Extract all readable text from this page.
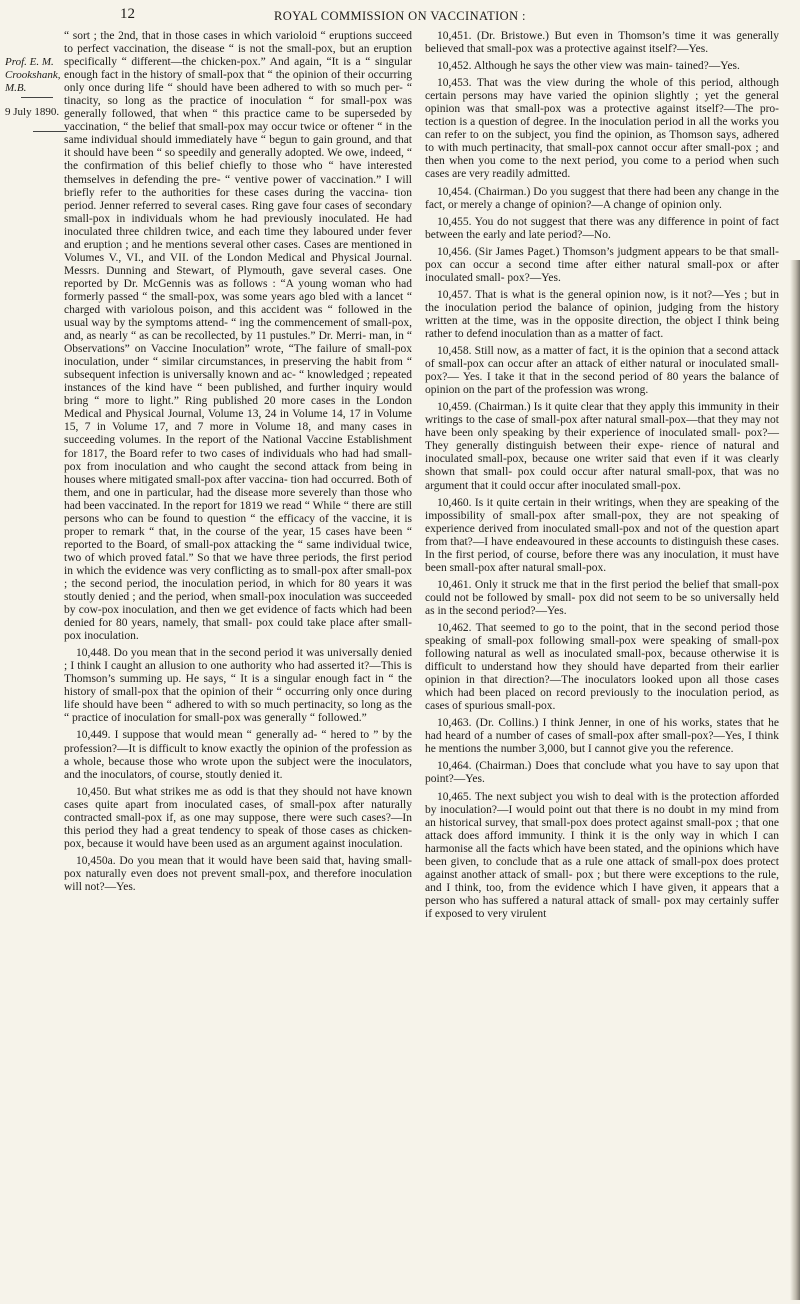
12	ROYAL COMMISSION ON VACCINATION :
Prof. E. M. Crookshank, M.B.
9 July 1890.

“ sort ; the 2nd, that in those cases in which varioloid “ eruptions succeed to perfect vaccination, the disease “ is not the small-pox, but an eruption specifically “ different—the chicken-pox.” And again, “It is a “ singular enough fact in the history of small-pox that “ the opinion of their occurring only once during life “ should have been adhered to with so much per- “ tinacity, so long as the practice of inoculation “ for small-pox was generally followed, that when “ this practice came to be superseded by vaccination, “ the belief that small-pox may occur twice or oftener “ in the same individual should immediately have “ begun to gain ground, and that it should have been “ so speedily and generally adopted. We owe, indeed, “ the confirmation of this belief chiefly to those who “ have interested themselves in defending the pre- “ ventive power of vaccination.” I will briefly refer to the authorities for these cases during the vaccina- tion period. Jenner referred to several cases. Ring gave four cases of secondary small-pox in individuals whom he had previously inoculated. He had inoculated three children twice, and each time they laboured under fever and eruption ; and he mentions several other cases. Cases are mentioned in Volumes V., VI., and VII. of the London Medical and Physical Journal. Messrs. Dunning and Stewart, of Plymouth, gave several cases. One reported by Dr. McGennis was as follows : “A young woman who had formerly passed “ the small-pox, was some years ago bled with a lancet “ charged with variolous poison, and this accident was “ followed in the usual way by the symptoms attend- “ ing the commencement of small-pox, and, as nearly “ as can be recollected, by 11 pustules.” Dr. Merri- man, in “ Observations” on Vaccine Inoculation” wrote, “The failure of small-pox inoculation, under “ similar circumstances, in preserving the habit from “ subsequent infection is universally known and ac- “ knowledged ; repeated instances of the kind have “ been published, and further inquiry would bring “ more to light.” Ring published 20 more cases in the London Medical and Physical Journal, Volume 13, 24 in Volume 14, 17 in Volume 15, 7 in Volume 17, and 7 more in Volume 18, and many cases in succeeding volumes. In the report of the National Vaccine Establishment for 1817, the Board refer to two cases of individuals who had had small-pox from inoculation and who caught the second attack from being in houses where mitigated small-pox after vaccina- tion had occurred. Both of them, and one in particular, had the disease more severely than those who had been vaccinated. In the report for 1819 we read “ While “ there are still persons who can be found to question “ the efficacy of the vaccine, it is proper to remark “ that, in the course of the year, 15 cases have been “ reported to the Board, of small-pox attacking the “ same individual twice, two of which proved fatal.” So that we have three periods, the first period in which the evidence was very conflicting as to small-pox after small-pox ; the second period, the inoculation period, in which for 80 years it was stoutly denied ; and the period, when small-pox inoculation was succeeded by cow-pox inoculation, and then we get evidence of facts which had been denied for 80 years, namely, that small- pox could take place after small-pox inoculation.

10,448. Do you mean that in the second period it was universally denied ; I think I caught an allusion to one authority who had asserted it?—This is Thomson’s summing up. He says, “ It is a singular enough fact in “ the history of small-pox that the opinion of their “ occurring only once during life should have been “ adhered to with so much pertinacity, so long as the “ practice of inoculation for small-pox was generally “ followed.”

10,449. I suppose that would mean “ generally ad- “ hered to ” by the profession?—It is difficult to know exactly the opinion of the profession as a whole, because those who wrote upon the subject were the inoculators, and the inoculators, of course, stoutly denied it.

10,450. But what strikes me as odd is that they should not have known cases quite apart from inoculated cases, of small-pox after naturally contracted small-pox if, as one may suppose, there were such cases?—In this period they had a great tendency to speak of those cases as chicken-pox, because it would have been used as an argument against inoculation.

10,450a. Do you mean that it would have been said that, having small-pox naturally even does not prevent small-pox, and therefore inoculation will not?—Yes.

10,451. (Dr. Bristowe.) But even in Thomson’s time it was generally believed that small-pox was a protective against itself?—Yes.

10,452. Although he says the other view was main- tained?—Yes.

10,453. That was the view during the whole of this period, although certain persons may have varied the opinion slightly ; yet the general opinion was that small-pox was a protective against itself?—The pro- tection is a question of degree. In the inoculation period in all the works you can refer to on the subject, you find the opinion, as Thomson says, adhered to with much pertinacity, that small-pox cannot occur after small-pox ; and then when you come to the next period, you come to a period when such cases are very readily admitted.

10,454. (Chairman.) Do you suggest that there had been any change in the fact, or merely a change of opinion?—A change of opinion only.

10,455. You do not suggest that there was any difference in point of fact between the early and late period?—No.

10,456. (Sir James Paget.) Thomson’s judgment appears to be that small-pox can occur a second time after either natural small-pox or after inoculated small- pox?—Yes.

10,457. That is what is the general opinion now, is it not?—Yes ; but in the inoculation period the balance of opinion, judging from the history written at the time, was in the opposite direction, the object I think being rather to defend inoculation than as a matter of fact.

10,458. Still now, as a matter of fact, it is the opinion that a second attack of small-pox can occur after an attack of either natural or inoculated small-pox?— Yes. I take it that in the second period of 80 years the balance of opinion on the part of the profession was wrong.

10,459. (Chairman.) Is it quite clear that they apply this immunity in their writings to the case of small-pox after natural small-pox—that they may not have been only speaking by their experience of inoculated small- pox?—They generally distinguish between their expe- rience of natural and inoculated small-pox, because one writer said that even if it was clearly shown that small- pox could occur after natural small-pox, that was no argument that it could occur after inoculated small-pox.

10,460. Is it quite certain in their writings, when they are speaking of the impossibility of small-pox after small-pox, they are not speaking of experience derived from inoculated small-pox and not of the question apart from that?—I have endeavoured in these accounts to distinguish these cases. In the first period, of course, before there was any inoculation, it must have been small-pox after natural small-pox.

10,461. Only it struck me that in the first period the belief that small-pox could not be followed by small- pox did not seem to be so universally held as in the second period?—Yes.

10,462. That seemed to go to the point, that in the second period those speaking of small-pox following small-pox were speaking of small-pox following natural as well as inoculated small-pox, because otherwise it is difficult to understand how they should have departed from their earlier opinion in that direction?—The inoculators looked upon all those cases which had been placed on record previously to the inoculation period, as cases of spurious small-pox.

10,463. (Dr. Collins.) I think Jenner, in one of his works, states that he had heard of a number of cases of small-pox after small-pox?—Yes, I think he mentions the number 3,000, but I cannot give you the reference.

10,464. (Chairman.) Does that conclude what you have to say upon that point?—Yes.

10,465. The next subject you wish to deal with is the protection afforded by inoculation?—I would point out that there is no doubt in my mind from an historical survey, that small-pox does protect against small-pox ; that one attack does afford immunity. I think it is the only way in which I can harmonise all the facts which have been stated, and the opinions which have been given, to conclude that as a rule one attack of small-pox does protect against another attack of small- pox ; but there were exceptions to the rule, and I think, too, from the evidence which I have given, it appears that a person who has suffered a natural attack of small- pox may certainly suffer if exposed to very virulent
